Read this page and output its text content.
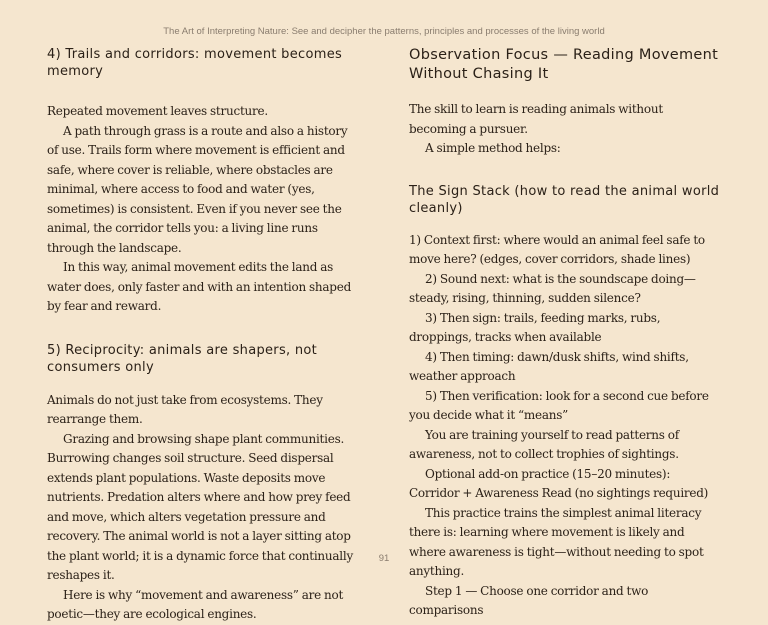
The Art of Interpreting Nature: See and decipher the patterns, principles and processes of the living world
4) Trails and corridors: movement becomes memory

Repeated movement leaves structure.

A path through grass is a route and also a history of use. Trails form where movement is efficient and safe, where cover is reliable, where obstacles are minimal, where access to food and water (yes, sometimes) is consistent. Even if you never see the animal, the corridor tells you: a living line runs through the landscape.

In this way, animal movement edits the land as water does, only faster and with an intention shaped by fear and reward.

5) Reciprocity: animals are shapers, not consumers only

Animals do not just take from ecosystems. They rearrange them.

Grazing and browsing shape plant communities. Burrowing changes soil structure. Seed dispersal extends plant populations. Waste deposits move nutrients. Predation alters where and how prey feed and move, which alters vegetation pressure and recovery. The animal world is not a layer sitting atop the plant world; it is a dynamic force that continually reshapes it.

Here is why “movement and awareness” are not poetic—they are ecological engines.

Observation Focus — Reading Movement Without Chasing It

The skill to learn is reading animals without becoming a pursuer.

A simple method helps:

The Sign Stack (how to read the animal world cleanly)

1) Context first: where would an animal feel safe to move here? (edges, cover corridors, shade lines)

2) Sound next: what is the soundscape doing—steady, rising, thinning, sudden silence?

3) Then sign: trails, feeding marks, rubs, droppings, tracks when available

4) Then timing: dawn/dusk shifts, wind shifts, weather approach

5) Then verification: look for a second cue before you decide what it “means”

You are training yourself to read patterns of awareness, not to collect trophies of sightings.

Optional add-on practice (15–20 minutes): Corridor + Awareness Read (no sightings required)

This practice trains the simplest animal literacy there is: learning where movement is likely and where awareness is tight—without needing to spot anything.

Step 1 — Choose one corridor and two comparisons

91
